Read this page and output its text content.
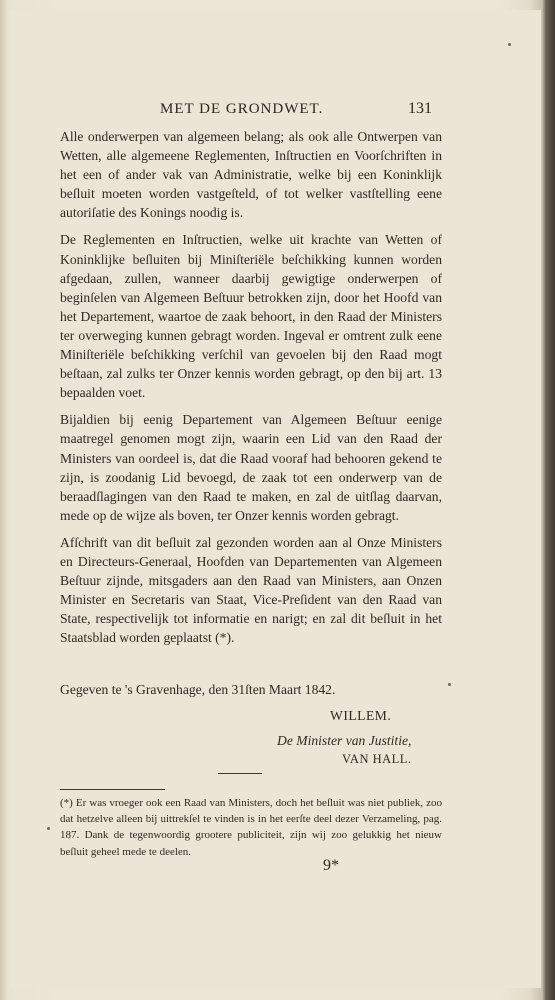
MET DE GRONDWET.	131

Alle onderwerpen van algemeen belang; als ook alle Ontwerpen van Wetten, alle algemeene Reglementen, Inſtructien en Voorſchriften in het een of ander vak van Administratie, welke bij een Koninklijk beſluit moeten worden vastgeſteld, of tot welker vastſtelling eene autoriſatie des Konings noodig is.

De Reglementen en Inſtructien, welke uit krachte van Wetten of Koninklijke beſluiten bij Miniſteriële beſchikking kunnen worden afgedaan, zullen, wanneer daarbij gewigtige onderwerpen of beginſelen van Algemeen Beſtuur betrokken zijn, door het Hoofd van het Departement, waartoe de zaak behoort, in den Raad der Ministers ter overweging kunnen gebragt worden. Ingeval er omtrent zulk eene Miniſteriële beſchikking verſchil van gevoelen bij den Raad mogt beſtaan, zal zulks ter Onzer kennis worden gebragt, op den bij art. 13 bepaalden voet.

Bijaldien bij eenig Departement van Algemeen Beſtuur eenige maatregel genomen mogt zijn, waarin een Lid van den Raad der Ministers van oordeel is, dat die Raad vooraf had behooren gekend te zijn, is zoodanig Lid bevoegd, de zaak tot een onderwerp van de beraadſlagingen van den Raad te maken, en zal de uitſlag daarvan, mede op de wijze als boven, ter Onzer kennis worden gebragt.

Afſchrift van dit beſluit zal gezonden worden aan al Onze Ministers en Directeurs-Generaal, Hoofden van Departementen van Algemeen Beſtuur zijnde, mitsgaders aan den Raad van Ministers, aan Onzen Minister en Secretaris van Staat, Vice-Preſident van den Raad van State, respectivelijk tot informatie en narigt; en zal dit beſluit in het Staatsblad worden geplaatst (*).

Gegeven te 's Gravenhage, den 31ſten Maart 1842.
WILLEM.
De Minister van Justitie,
VAN HALL.
(*) Er was vroeger ook een Raad van Ministers, doch het beſluit was niet publiek, zoo dat hetzelve alleen bij uittrekſel te vinden is in het eerſte deel dezer Verzameling, pag. 187. Dank de tegenwoordig grootere publiciteit, zijn wij zoo gelukkig het nieuw beſluit geheel mede te deelen.
9*
